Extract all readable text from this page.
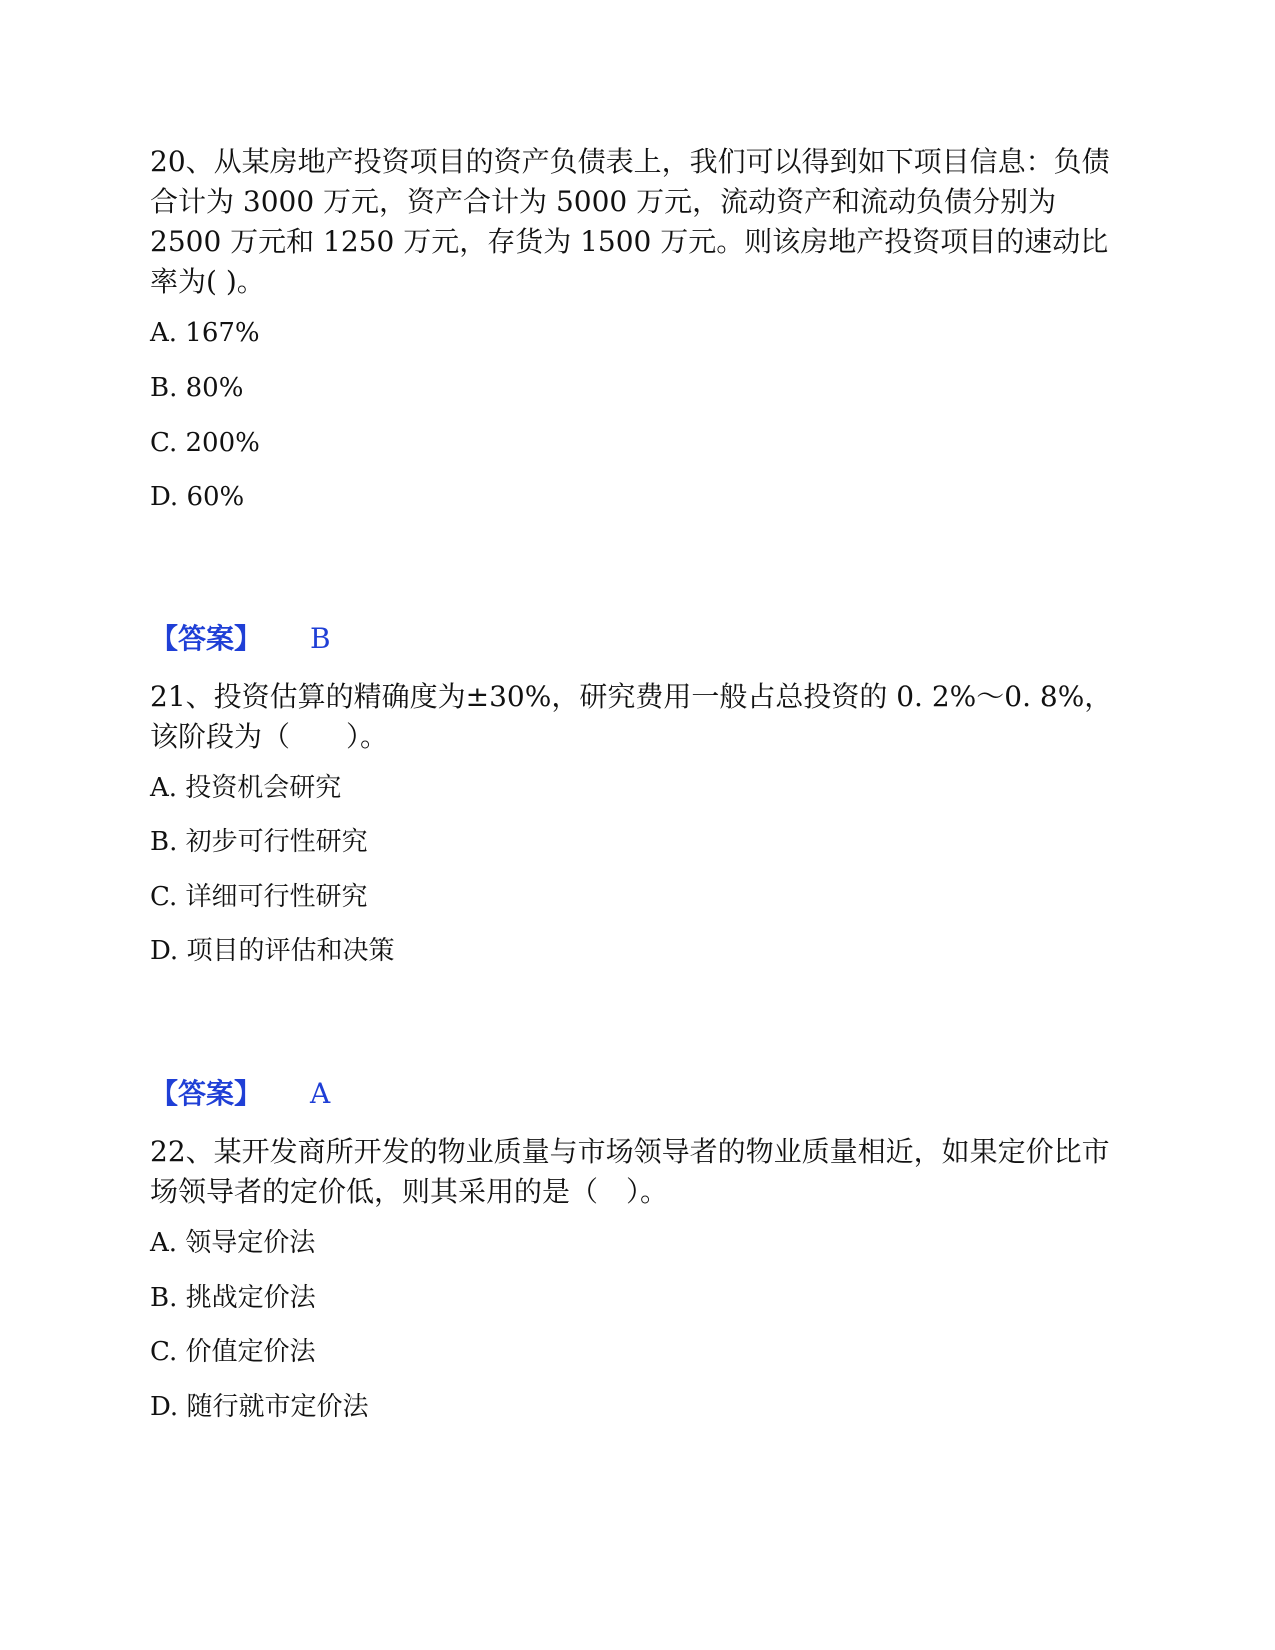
20、从某房地产投资项目的资产负债表上，我们可以得到如下项目信息：负债合计为 3000 万元，资产合计为 5000 万元，流动资产和流动负债分别为 2500 万元和 1250 万元，存货为 1500 万元。则该房地产投资项目的速动比率为( )。

A. 167%

B. 80%

C. 200%

D. 60%

【答案】 B

21、投资估算的精确度为±30%，研究费用一般占总投资的 0. 2%～0. 8%，该阶段为（　　）。

A. 投资机会研究

B. 初步可行性研究

C. 详细可行性研究

D. 项目的评估和决策

【答案】 A

22、某开发商所开发的物业质量与市场领导者的物业质量相近，如果定价比市场领导者的定价低，则其采用的是（　）。

A. 领导定价法

B. 挑战定价法

C. 价值定价法

D. 随行就市定价法
